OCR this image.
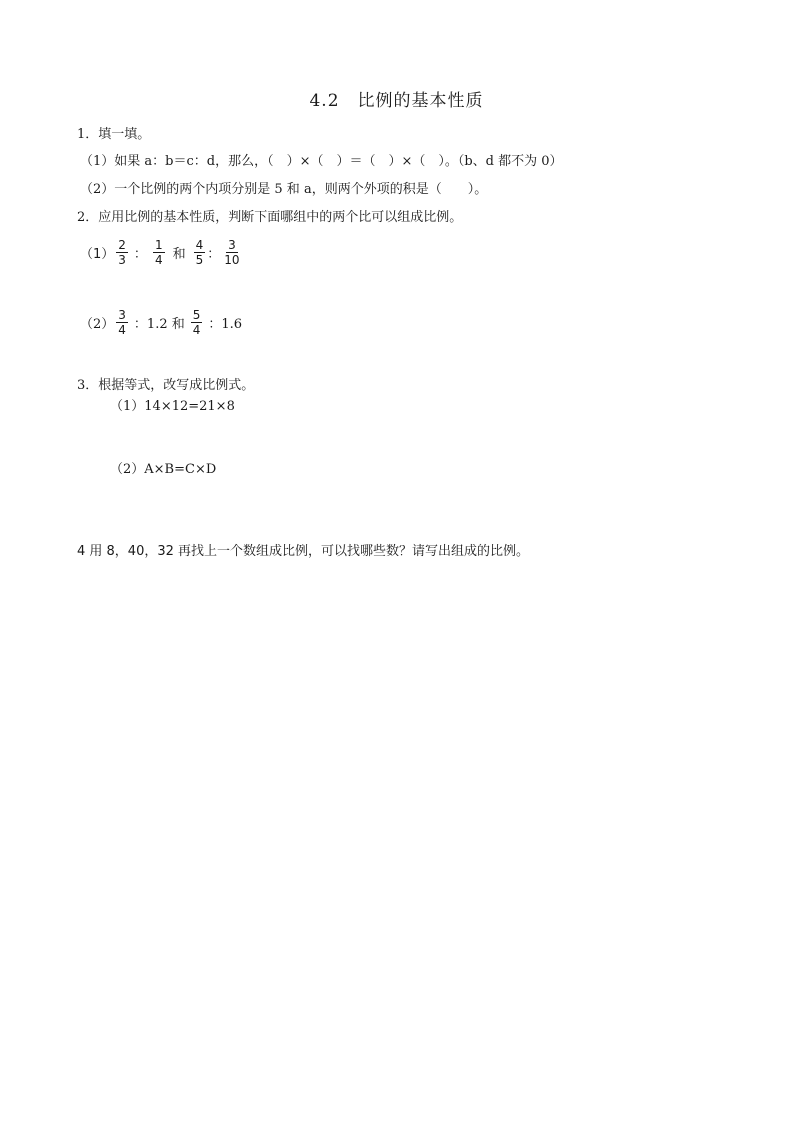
4.2　比例的基本性质
1．填一填。
（1）如果 a：b＝c：d，那么，（　）×（　）＝（　）×（　）。（b、d 都不为 0）
（2）一个比例的两个内项分别是 5 和 a，则两个外项的积是（　　）。
2．应用比例的基本性质，判断下面哪组中的两个比可以组成比例。
$(1) \frac{2}{3}$ ： $\frac{1}{4}$ 和 $\frac{4}{5}$ ： $\frac{3}{10}$
$(2) \frac{3}{4}$ ：1.2 和 $\frac{5}{4}$ ：1.6
3．根据等式，改写成比例式。
（1）14×12=21×8
（2）A×B=C×D
4 用 8，40，32 再找上一个数组成比例，可以找哪些数？请写出组成的比例。
